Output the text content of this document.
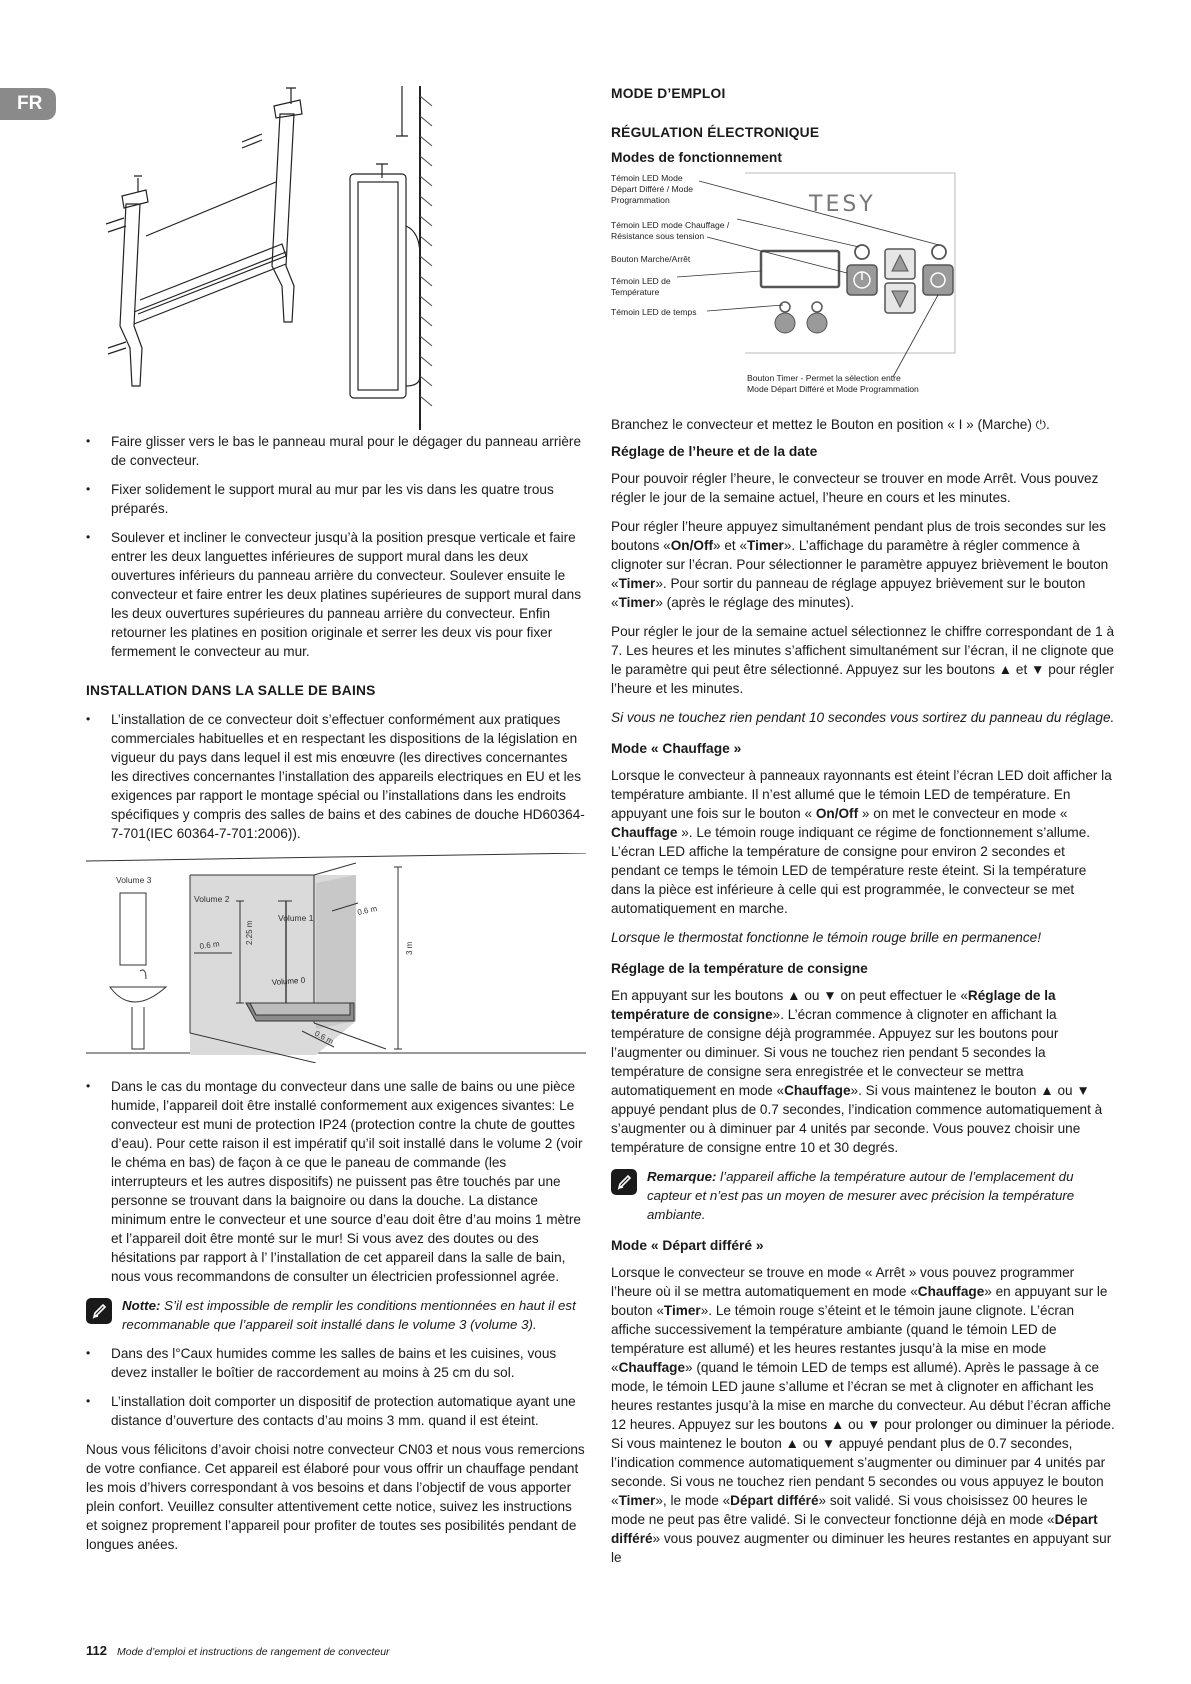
FR
• Faire glisser vers le bas le panneau mural pour le dégager du panneau arrière de convecteur.
• Fixer solidement le support mural au mur par les vis dans les quatre trous préparés.
• Soulever et incliner le convecteur jusqu’à la position presque verticale et faire entrer les deux languettes inférieures de support mural dans les deux ouvertures inférieurs du panneau arrière du convecteur. Soulever ensuite le convecteur et faire entrer les deux platines supérieures de support mural dans les deux ouvertures supérieures du panneau arrière du convecteur. Enfin retourner les platines en position originale et serrer les deux vis pour fixer fermement le convecteur au mur.
INSTALLATION DANS LA SALLE DE BAINS
• L’installation de ce convecteur doit s’effectuer conformément aux pratiques commerciales habituelles et en respectant les dispositions de la législation en vigueur du pays dans lequel il est mis enœuvre (les directives concernantes les directives concernantes l’installation des appareils electriques en EU et les exigences par rapport le montage spécial ou l’installations dans les endroits spécifiques y compris des salles de bains et des cabines de douche HD60364-7-701(IEC 60364-7-701:2006)).
Volume 3
Volume 2
Volume 1
Volume 0
0.6 m
2.25 m
0.6 m
3 m
0.6 m
• Dans le cas du montage du convecteur dans une salle de bains ou une pièce humide, l’appareil doit être installé conformement aux exigences sivantes: Le convecteur est muni de protection IP24 (protection contre la chute de gouttes d’eau). Pour cette raison il est impératif qu’il soit installé dans le volume 2 (voir le chéma en bas) de façon à ce que le paneau de commande (les interrupteurs et les autres dispositifs) ne puissent pas être touchés par une personne se trouvant dans la baignoire ou dans la douche. La distance minimum entre le convecteur et une source d’eau doit être d’au moins 1 mètre et l’appareil doit être monté sur le mur! Si vous avez des doutes ou des hésitations par rapport à l’ l’installation de cet appareil dans la salle de bain, nous vous recommandons de consulter un électricien professionnel agrée.
Notte: S’il est impossible de remplir les conditions mentionnées en haut il est recommanable que l’appareil soit installé dans le volume 3 (volume 3).
• Dans des l°Caux humides comme les salles de bains et les cuisines, vous devez installer le boîtier de raccordement au moins à 25 cm du sol.
• L’installation doit comporter un dispositif de protection automatique ayant une distance d’ouverture des contacts d’au moins 3 mm. quand il est éteint.

Nous vous félicitons d’avoir choisi notre convecteur CN03 et nous vous remercions de votre confiance. Cet appareil est élaboré pour vous offrir un chauffage pendant les mois d’hivers correspondant à vos besoins et dans l’objectif de vous apporter plein confort. Veuillez consulter attentivement cette notice, suivez les instructions et soignez proprement l’appareil pour profiter de toutes ses posibilités pendant de longues anées.

MODE D’EMPLOI
RÉGULATION ÉLECTRONIQUE
Modes de fonctionnement
TESY
Témoin LED Mode
Départ Différé / Mode
Programmation
Témoin LED mode Chauffage /
Résistance sous tension
Bouton Marche/Arrêt
Témoin LED de
Température
Témoin LED de temps
Bouton Timer - Permet la sélection entre
Mode Départ Différé et Mode Programmation

Branchez le convecteur et mettez le Bouton en position « I » (Marche) ⏻.

Réglage de l’heure et de la date

Pour pouvoir régler l’heure, le convecteur se trouver en mode Arrêt. Vous pouvez régler le jour de la semaine actuel, l’heure en cours et les minutes.

Pour régler l’heure appuyez simultanément pendant plus de trois secondes sur les boutons «On/Off» et «Timer». L’affichage du paramètre à régler commence à clignoter sur l’écran. Pour sélectionner le paramètre appuyez brièvement le bouton «Timer». Pour sortir du panneau de réglage appuyez brièvement sur le bouton «Timer» (après le réglage des minutes).

Pour régler le jour de la semaine actuel sélectionnez le chiffre correspondant de 1 à 7. Les heures et les minutes s’affichent simultanément sur l’écran, il ne clignote que le paramètre qui peut être sélectionné. Appuyez sur les boutons ▲ et ▼ pour régler l’heure et les minutes.

Si vous ne touchez rien pendant 10 secondes vous sortirez du panneau du réglage.

Mode « Chauffage »

Lorsque le convecteur à panneaux rayonnants est éteint l’écran LED doit afficher la température ambiante. Il n’est allumé que le témoin LED de température. En appuyant une fois sur le bouton « On/Off » on met le convecteur en mode « Chauffage ». Le témoin rouge indiquant ce régime de fonctionnement s’allume. L’écran LED affiche la température de consigne pour environ 2 secondes et pendant ce temps le témoin LED de température reste éteint. Si la température dans la pièce est inférieure à celle qui est programmée, le convecteur se met automatiquement en marche.

Lorsque le thermostat fonctionne le témoin rouge brille en permanence!

Réglage de la température de consigne

En appuyant sur les boutons ▲ ou ▼ on peut effectuer le «Réglage de la température de consigne». L’écran commence à clignoter en affichant la température de consigne déjà programmée. Appuyez sur les boutons pour l’augmenter ou diminuer. Si vous ne touchez rien pendant 5 secondes la température de consigne sera enregistrée et le convecteur se mettra automatiquement en mode «Chauffage». Si vous maintenez le bouton ▲ ou ▼ appuyé pendant plus de 0.7 secondes, l’indication commence automatiquement à s’augmenter ou à diminuer par 4 unités par seconde. Vous pouvez choisir une température de consigne entre 10 et 30 degrés.

Remarque: l’appareil affiche la température autour de l’emplacement du capteur et n’est pas un moyen de mesurer avec précision la température ambiante.
Mode « Départ différé »

Lorsque le convecteur se trouve en mode « Arrêt » vous pouvez programmer l’heure où il se mettra automatiquement en mode «Chauffage» en appuyant sur le bouton «Timer». Le témoin rouge s’éteint et le témoin jaune clignote. L’écran affiche successivement la température ambiante (quand le témoin LED de température est allumé) et les heures restantes jusqu’à la mise en mode «Chauffage» (quand le témoin LED de temps est allumé). Après le passage à ce mode, le témoin LED jaune s’allume et l’écran se met à clignoter en affichant les heures restantes jusqu’à la mise en marche du convecteur. Au début l’écran affiche 12 heures. Appuyez sur les boutons ▲ ou ▼ pour prolonger ou diminuer la période. Si vous maintenez le bouton ▲ ou ▼ appuyé pendant plus de 0.7 secondes, l’indication commence automatiquement s’augmenter ou diminuer par 4 unités par seconde. Si vous ne touchez rien pendant 5 secondes ou vous appuyez le bouton «Timer», le mode «Départ différé» soit validé. Si vous choisissez 00 heures le mode ne peut pas être validé. Si le convecteur fonctionne déjà en mode «Départ différé» vous pouvez augmenter ou diminuer les heures restantes en appuyant sur le

112 Mode d’emploi et instructions de rangement de convecteur
